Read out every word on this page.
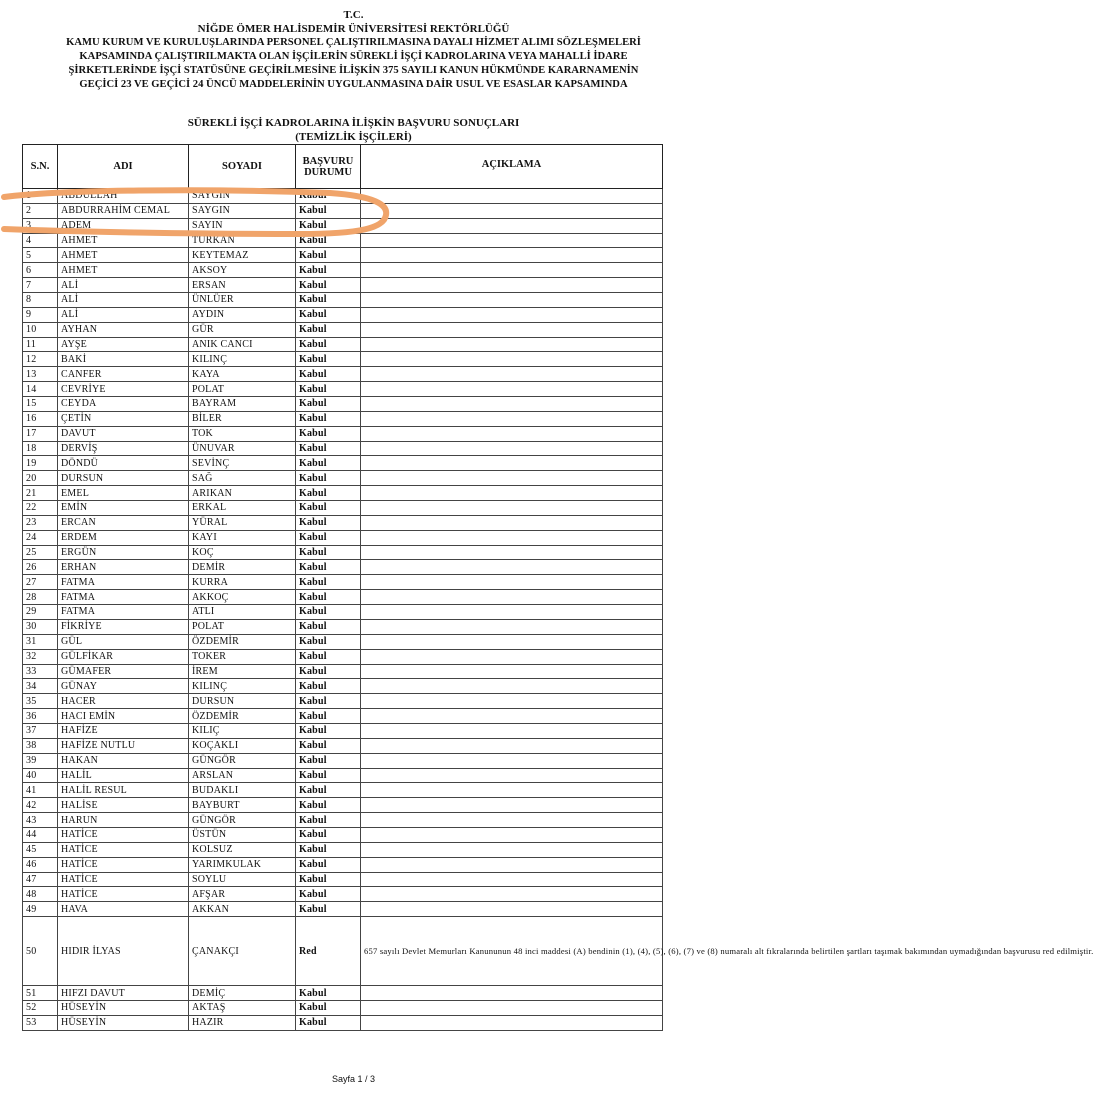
T.C.
NİĞDE ÖMER HALİSDEMİR ÜNİVERSİTESİ REKTÖRLÜĞÜ
KAMU KURUM VE KURULUŞLARINDA PERSONEL ÇALIŞTIRILMASINA DAYALI HİZMET ALIMI SÖZLEŞMELERİ
KAPSAMINDA ÇALIŞTIRILMAKTA OLAN İŞÇİLERİN SÜREKLİ İŞÇİ KADROLARINA VEYA MAHALLİ İDARE
ŞİRKETLERİNDE İŞÇİ STATÜSÜNE GEÇİRİLMESİNE İLİŞKİN 375 SAYILI KANUN HÜKMÜNDE KARARNAMENİN
GEÇİCİ 23 VE GEÇİCİ 24 ÜNCÜ MADDELERİNİN UYGULANMASINA DAİR USUL VE ESASLAR KAPSAMINDA
SÜREKLİ İŞÇİ KADROLARINA İLİŞKİN BAŞVURU SONUÇLARI
(TEMİZLİK İŞÇİLERİ)
S.N.	ADI	SOYADI	BAŞVURU DURUMU	AÇIKLAMA
1	ABDULLAH	SAYGIN	Kabul	
2	ABDURRAHİM CEMAL	SAYGIN	Kabul	
3	ADEM	SAYIN	Kabul	
4	AHMET	TÜRKAN	Kabul	
5	AHMET	KEYTEMAZ	Kabul	
6	AHMET	AKSOY	Kabul	
7	ALİ	ERSAN	Kabul	
8	ALİ	ÜNLÜER	Kabul	
9	ALİ	AYDIN	Kabul	
10	AYHAN	GÜR	Kabul	
11	AYŞE	ANIK CANCI	Kabul	
12	BAKİ	KILINÇ	Kabul	
13	CANFER	KAYA	Kabul	
14	CEVRİYE	POLAT	Kabul	
15	CEYDA	BAYRAM	Kabul	
16	ÇETİN	BİLER	Kabul	
17	DAVUT	TOK	Kabul	
18	DERVİŞ	ÜNUVAR	Kabul	
19	DÖNDÜ	SEVİNÇ	Kabul	
20	DURSUN	SAĞ	Kabul	
21	EMEL	ARIKAN	Kabul	
22	EMİN	ERKAL	Kabul	
23	ERCAN	YÜRAL	Kabul	
24	ERDEM	KAYI	Kabul	
25	ERGÜN	KOÇ	Kabul	
26	ERHAN	DEMİR	Kabul	
27	FATMA	KURRA	Kabul	
28	FATMA	AKKOÇ	Kabul	
29	FATMA	ATLI	Kabul	
30	FİKRİYE	POLAT	Kabul	
31	GÜL	ÖZDEMİR	Kabul	
32	GÜLFİKAR	TOKER	Kabul	
33	GÜMAFER	İREM	Kabul	
34	GÜNAY	KILINÇ	Kabul	
35	HACER	DURSUN	Kabul	
36	HACI EMİN	ÖZDEMİR	Kabul	
37	HAFİZE	KILIÇ	Kabul	
38	HAFİZE NUTLU	KOÇAKLI	Kabul	
39	HAKAN	GÜNGÖR	Kabul	
40	HALİL	ARSLAN	Kabul	
41	HALİL RESUL	BUDAKLI	Kabul	
42	HALİSE	BAYBURT	Kabul	
43	HARUN	GÜNGÖR	Kabul	
44	HATİCE	ÜSTÜN	Kabul	
45	HATİCE	KOLSUZ	Kabul	
46	HATİCE	YARIMKULAK	Kabul	
47	HATİCE	SOYLU	Kabul	
48	HATİCE	AFŞAR	Kabul	
49	HAVA	AKKAN	Kabul	
50	HIDIR İLYAS	ÇANAKÇI	Red	657 sayılı Devlet Memurları Kanununun 48 inci maddesi (A) bendinin (1), (4), (5), (6), (7) ve (8) numaralı alt fıkralarında belirtilen şartları taşımak bakımından uymadığından başvurusu red edilmiştir.
51	HIFZI DAVUT	DEMİÇ	Kabul	
52	HÜSEYİN	AKTAŞ	Kabul	
53	HÜSEYİN	HAZIR	Kabul	
Sayfa 1 / 3
